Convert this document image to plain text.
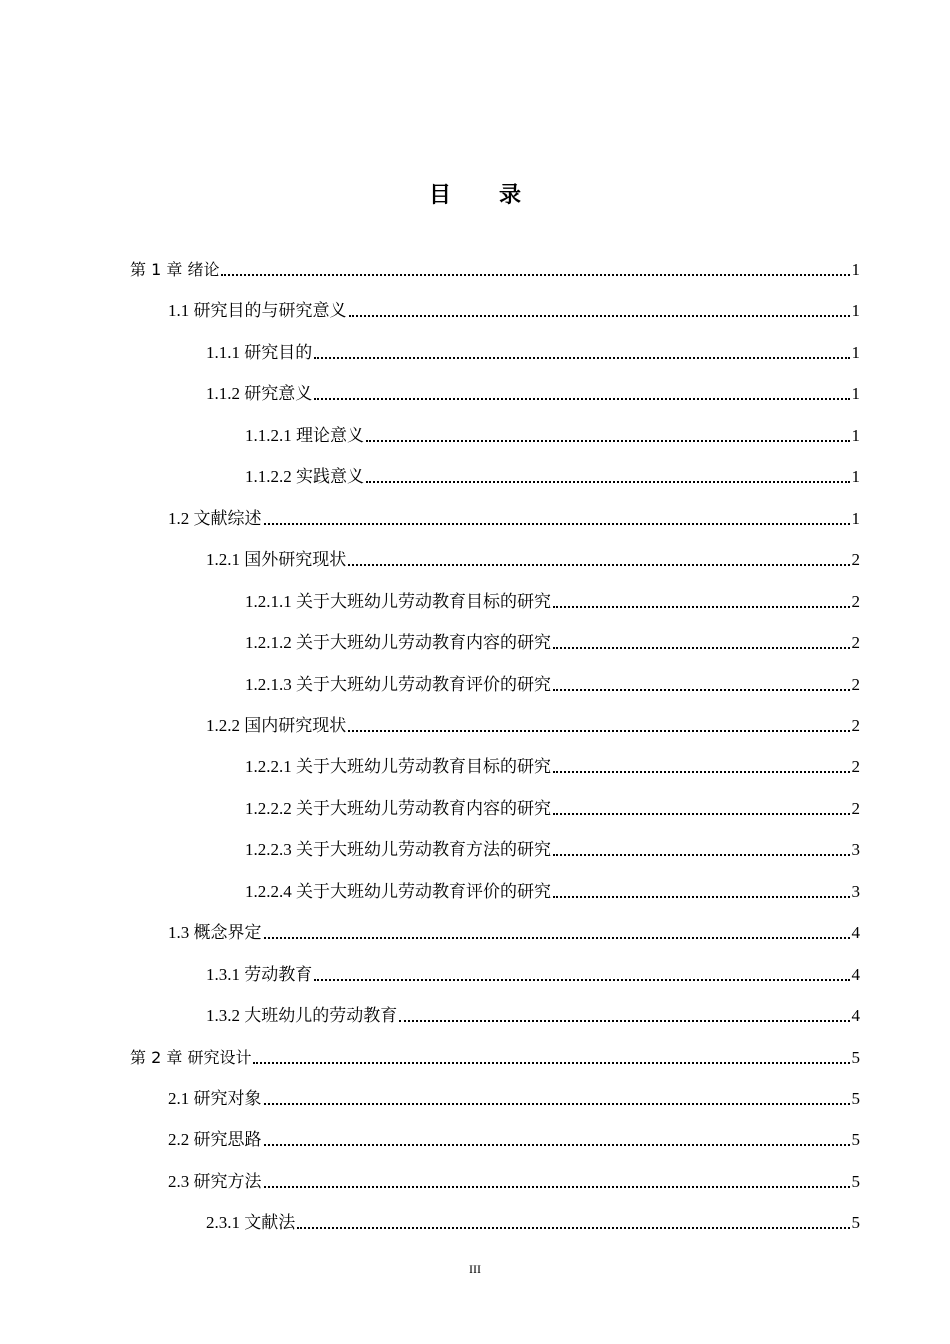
目 录
第 1 章 绪论	1
1.1 研究目的与研究意义	1
1.1.1 研究目的	1
1.1.2 研究意义	1
1.1.2.1 理论意义	1
1.1.2.2 实践意义	1
1.2 文献综述	1
1.2.1 国外研究现状	2
1.2.1.1 关于大班幼儿劳动教育目标的研究	2
1.2.1.2 关于大班幼儿劳动教育内容的研究	2
1.2.1.3 关于大班幼儿劳动教育评价的研究	2
1.2.2 国内研究现状	2
1.2.2.1 关于大班幼儿劳动教育目标的研究	2
1.2.2.2 关于大班幼儿劳动教育内容的研究	2
1.2.2.3 关于大班幼儿劳动教育方法的研究	3
1.2.2.4 关于大班幼儿劳动教育评价的研究	3
1.3 概念界定	4
1.3.1 劳动教育	4
1.3.2 大班幼儿的劳动教育	4
第 2 章 研究设计	5
2.1 研究对象	5
2.2 研究思路	5
2.3 研究方法	5
2.3.1 文献法	5
III
